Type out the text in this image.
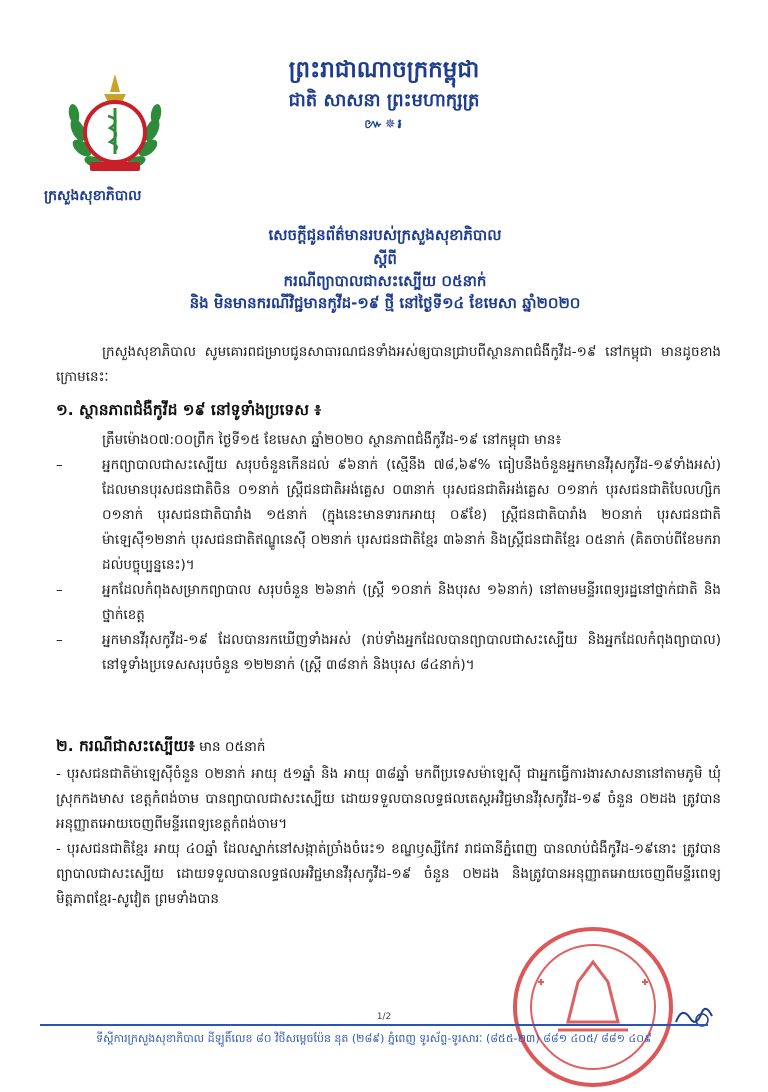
ព្រះរាជាណាចក្រកម្ពុជា
ជាតិ សាសនា ព្រះមហាក្សត្រ
៚✵៛
ក្រសួងសុខាភិបាល
សេចក្តីជូនព័ត៌មានរបស់ក្រសួងសុខាភិបាល
ស្តីពី
ករណីព្យាបាលជាសះស្បើយ ០៥នាក់
និង មិនមានករណីវិជ្ជមានកូវីដ-១៩ ថ្មី នៅថ្ងៃទី១៤ ខែមេសា ឆ្នាំ២០២០

ក្រសួងសុខាភិបាល សូមគោរពជម្រាបជូនសាធារណជនទាំងអស់ឲ្យបានជ្រាបពីស្ថានភាពជំងឺកូវីដ-១៩ នៅកម្ពុជា មានដូចខាងក្រោមនេះៈ

១. ស្ថានភាពជំងឺកូវីដ ១៩ នៅទូទាំងប្រទេស ៖

ត្រឹមម៉ោង០៧:០០ព្រឹក ថ្ងៃទី១៥ ខែមេសា ឆ្នាំ២០២០ ស្ថានភាពជំងឺកូវីដ-១៩ នៅកម្ពុជា មាន៖

–	អ្នកព្យាបាលជាសះស្បើយ សរុបចំនួនកើនដល់ ៩៦នាក់ (ស្មើនឹង ៧៨,៦៩% ធៀបនឹងចំនួនអ្នកមានវីរុសកូវីដ-១៩ទាំងអស់) ដែលមានបុរសជនជាតិចិន ០១នាក់ ស្ត្រីជនជាតិអង់គ្លេស ០៣នាក់ បុរសជនជាតិអង់គ្លេស ០១នាក់ បុរសជនជាតិបែលហ្សិក ០១នាក់ បុរសជនជាតិបារាំង ១៥នាក់ (ក្នុងនេះមានទារកអាយុ ០៩ខែ) ស្ត្រីជនជាតិបារាំង ២០នាក់ បុរសជនជាតិម៉ាឡេស៊ី១២នាក់ បុរសជនជាតិឥណ្ឌូនេស៊ី ០២នាក់ បុរសជនជាតិខ្មែរ ៣៦នាក់ និងស្ត្រីជនជាតិខ្មែរ ០៥នាក់ (គិតចាប់ពីខែមករាដល់បច្ចុប្បន្ននេះ)។

–	អ្នកដែលកំពុងសម្រាកព្យាបាល សរុបចំនួន ២៦នាក់ (ស្ត្រី ១០នាក់ និងបុរស ១៦នាក់) នៅតាមមន្ទីរពេទ្យរដ្ឋនៅថ្នាក់ជាតិ និងថ្នាក់ខេត្ត

–	អ្នកមានវីរុសកូវីដ-១៩ ដែលបានរកឃើញទាំងអស់ (រាប់ទាំងអ្នកដែលបានព្យាបាលជាសះស្បើយ និងអ្នកដែលកំពុងព្យាបាល) នៅទូទាំងប្រទេសសរុបចំនួន ១២២នាក់ (ស្ត្រី ៣៨នាក់ និងបុរស ៨៤នាក់)។

២. ករណីជាសះស្បើយ៖ មាន ០៥នាក់

- បុរសជនជាតិម៉ាឡេស៊ីចំនួន ០២នាក់ អាយុ ៥១ឆ្នាំ និង អាយុ ៣៨ឆ្នាំ មកពីប្រទេសម៉ាឡេស៊ី ជាអ្នកធ្វើការងារសាសនានៅតាមភូមិ ឃុំ ស្រុកកងមាស ខេត្តកំពង់ចាម បានព្យាបាលជាសះស្បើយ ដោយទទួលបានលទ្ធផលតេស្តអវិជ្ជមានវីរុសកូវីដ-១៩ ចំនួន ០២ដង ត្រូវបានអនុញ្ញាតអោយចេញពីមន្ទីរពេទ្យខេត្តកំពង់ចាម។

- បុរសជនជាតិខ្មែរ អាយុ ៤០ឆ្នាំ ដែលស្នាក់នៅសង្កាត់ច្រាំងចំរេះ១ ខណ្ឌឫស្សីកែវ រាជធានីភ្នំពេញ បានលាប់ជំងឺកូវីដ-១៩នោះ ត្រូវបានព្យាបាលជាសះស្បើយ ដោយទទួលបានលទ្ធផលអវិជ្ជមានវីរុសកូវីដ-១៩ ចំនួន ០២ដង និងត្រូវបានអនុញ្ញាតអោយចេញពីមន្ទីរពេទ្យមិត្តភាពខ្មែរ-សូវៀត ព្រមទាំងបាន

1/2
ទីស្តីការក្រសួងសុខាភិបាល ដីឡូតិ៍លេខ ៨០ វិថីសម្តេចប៉ែន នុត (២៨៩) ភ្នំពេញ ទូរស័ព្ទ-ទូរសារៈ (៨៥៥-២៣) ៨៨១ ៤០៥/ ៨៨១ ៤០៩
